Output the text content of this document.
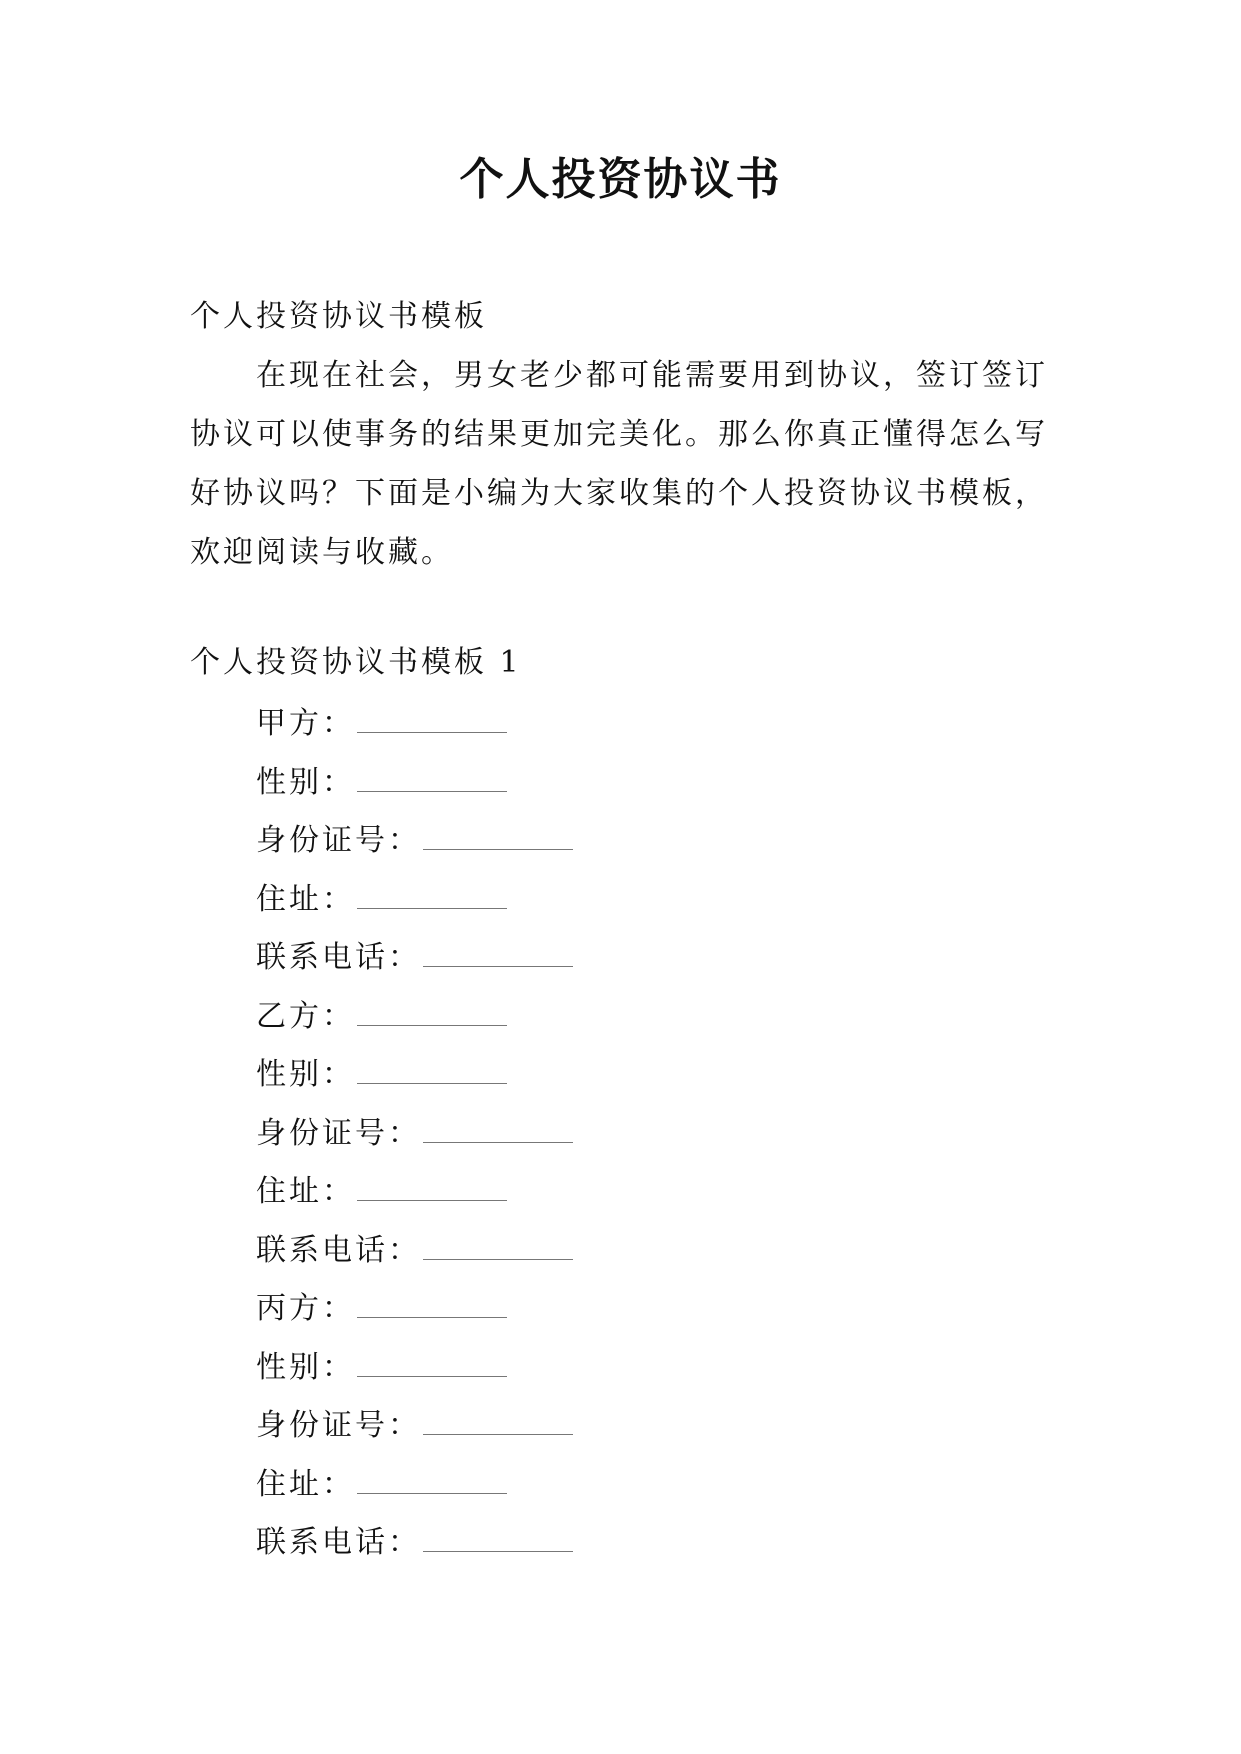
个人投资协议书

个人投资协议书模板

在现在社会，男女老少都可能需要用到协议，签订签订协议可以使事务的结果更加完美化。那么你真正懂得怎么写好协议吗？下面是小编为大家收集的个人投资协议书模板，欢迎阅读与收藏。

个人投资协议书模板 1

甲方：
性别：
身份证号：
住址：
联系电话：
乙方：
性别：
身份证号：
住址：
联系电话：
丙方：
性别：
身份证号：
住址：
联系电话：
